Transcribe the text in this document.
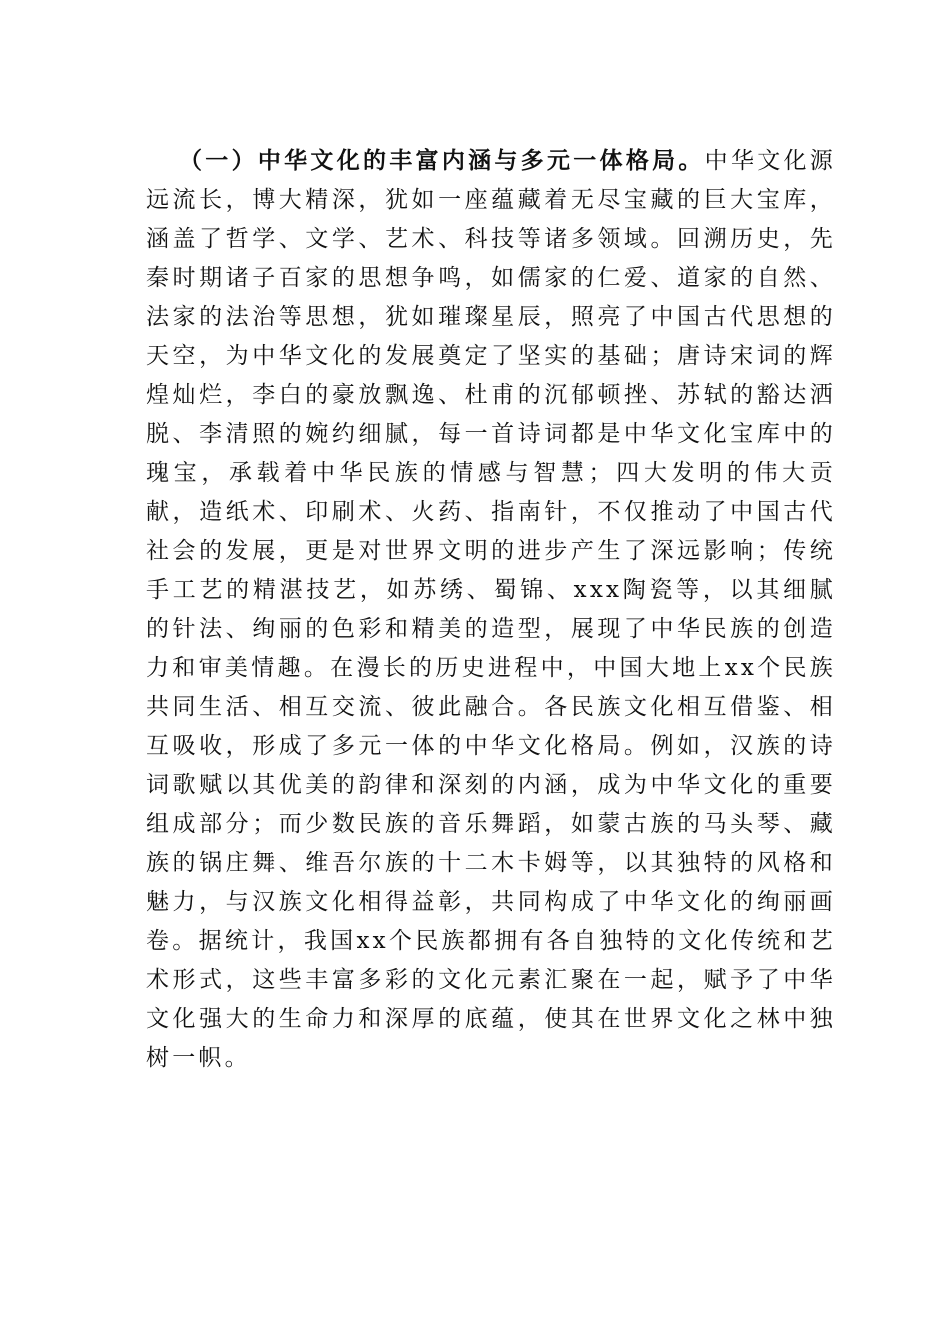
（一）中华文化的丰富内涵与多元一体格局。中华文化源远流长，博大精深，犹如一座蕴藏着无尽宝藏的巨大宝库，涵盖了哲学、文学、艺术、科技等诸多领域。回溯历史，先秦时期诸子百家的思想争鸣，如儒家的仁爱、道家的自然、法家的法治等思想，犹如璀璨星辰，照亮了中国古代思想的天空，为中华文化的发展奠定了坚实的基础；唐诗宋词的辉煌灿烂，李白的豪放飘逸、杜甫的沉郁顿挫、苏轼的豁达洒脱、李清照的婉约细腻，每一首诗词都是中华文化宝库中的瑰宝，承载着中华民族的情感与智慧；四大发明的伟大贡献，造纸术、印刷术、火药、指南针，不仅推动了中国古代社会的发展，更是对世界文明的进步产生了深远影响；传统手工艺的精湛技艺，如苏绣、蜀锦、xxx陶瓷等，以其细腻的针法、绚丽的色彩和精美的造型，展现了中华民族的创造力和审美情趣。在漫长的历史进程中，中国大地上xx个民族共同生活、相互交流、彼此融合。各民族文化相互借鉴、相互吸收，形成了多元一体的中华文化格局。例如，汉族的诗词歌赋以其优美的韵律和深刻的内涵，成为中华文化的重要组成部分；而少数民族的音乐舞蹈，如蒙古族的马头琴、藏族的锅庄舞、维吾尔族的十二木卡姆等，以其独特的风格和魅力，与汉族文化相得益彰，共同构成了中华文化的绚丽画卷。据统计，我国xx个民族都拥有各自独特的文化传统和艺术形式，这些丰富多彩的文化元素汇聚在一起，赋予了中华文化强大的生命力和深厚的底蕴，使其在世界文化之林中独树一帜。
